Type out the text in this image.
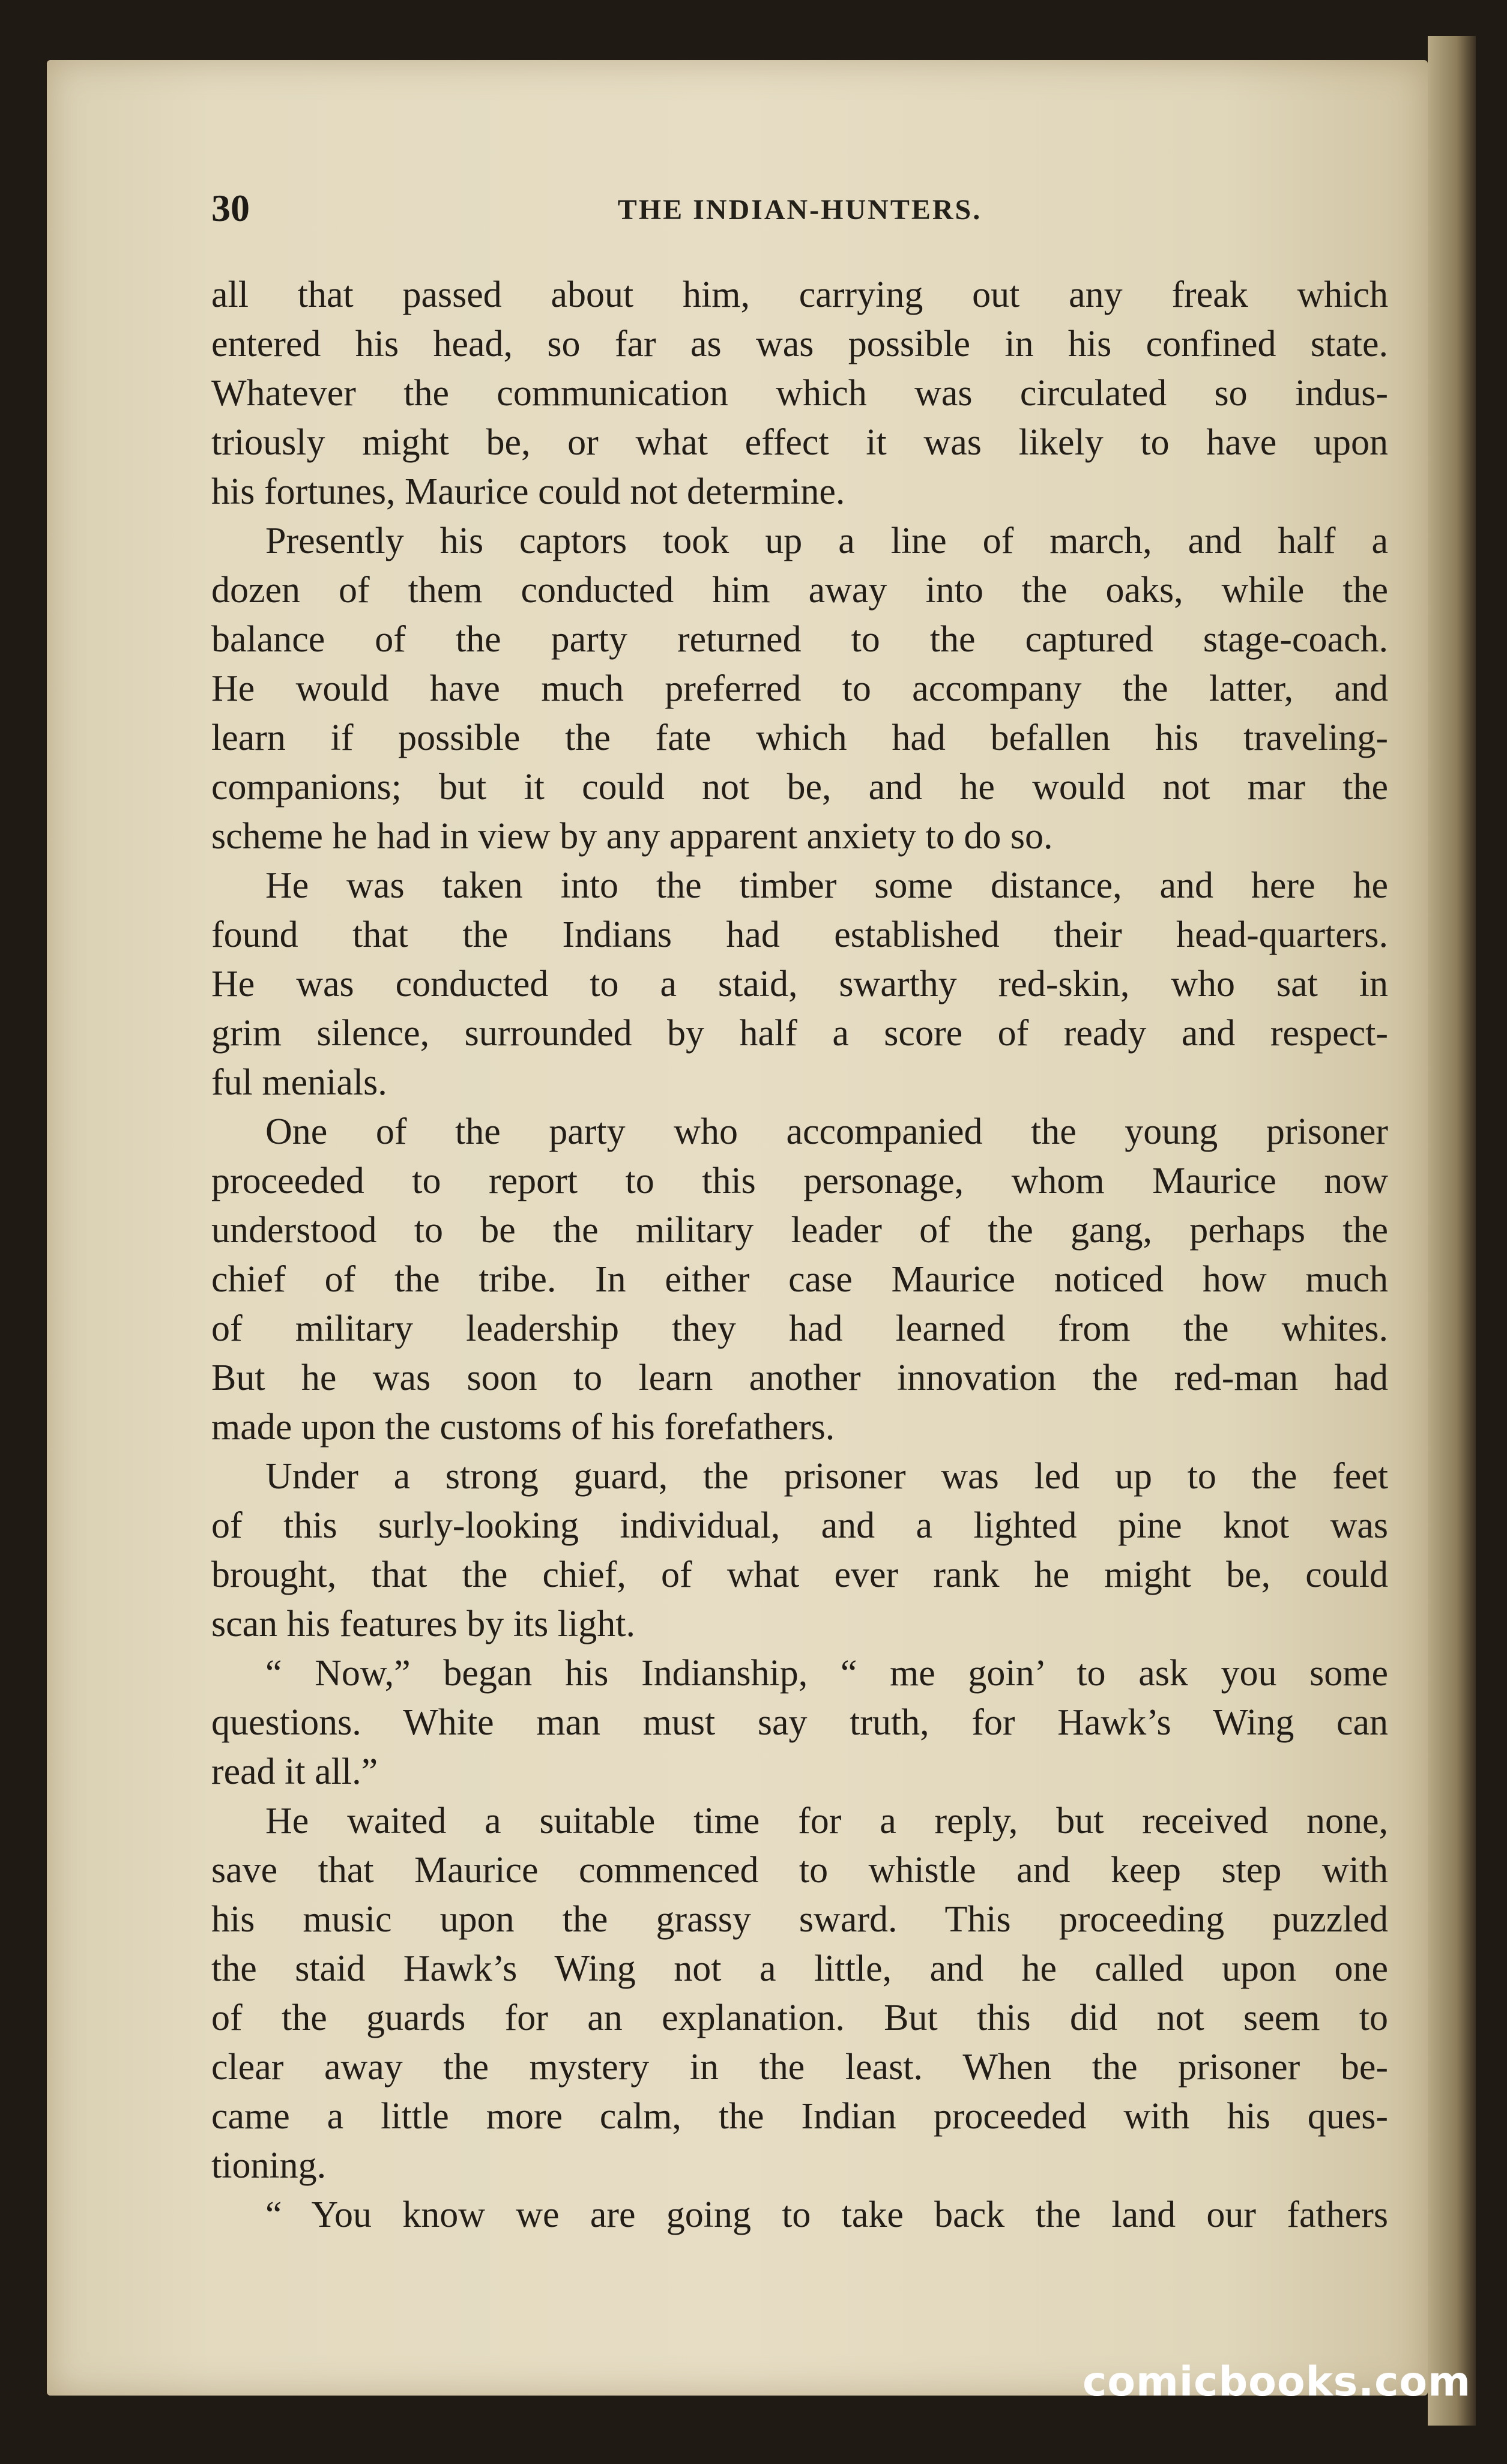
30	THE INDIAN-HUNTERS.
all that passed about him, carrying out any freak which
entered his head, so far as was possible in his confined state.
Whatever the communication which was circulated so indus-
triously might be, or what effect it was likely to have upon
his fortunes, Maurice could not determine.
Presently his captors took up a line of march, and half a
dozen of them conducted him away into the oaks, while the
balance of the party returned to the captured stage-coach.
He would have much preferred to accompany the latter, and
learn if possible the fate which had befallen his traveling-
companions; but it could not be, and he would not mar the
scheme he had in view by any apparent anxiety to do so.
He was taken into the timber some distance, and here he
found that the Indians had established their head-quarters.
He was conducted to a staid, swarthy red-skin, who sat in
grim silence, surrounded by half a score of ready and respect-
ful menials.
One of the party who accompanied the young prisoner
proceeded to report to this personage, whom Maurice now
understood to be the military leader of the gang, perhaps the
chief of the tribe. In either case Maurice noticed how much
of military leadership they had learned from the whites.
But he was soon to learn another innovation the red-man had
made upon the customs of his forefathers.
Under a strong guard, the prisoner was led up to the feet
of this surly-looking individual, and a lighted pine knot was
brought, that the chief, of what ever rank he might be, could
scan his features by its light.
“ Now,” began his Indianship, “ me goin’ to ask you some
questions. White man must say truth, for Hawk’s Wing can
read it all.”
He waited a suitable time for a reply, but received none,
save that Maurice commenced to whistle and keep step with
his music upon the grassy sward. This proceeding puzzled
the staid Hawk’s Wing not a little, and he called upon one
of the guards for an explanation. But this did not seem to
clear away the mystery in the least. When the prisoner be-
came a little more calm, the Indian proceeded with his ques-
tioning.
“ You know we are going to take back the land our fathers
comicbooks.com
